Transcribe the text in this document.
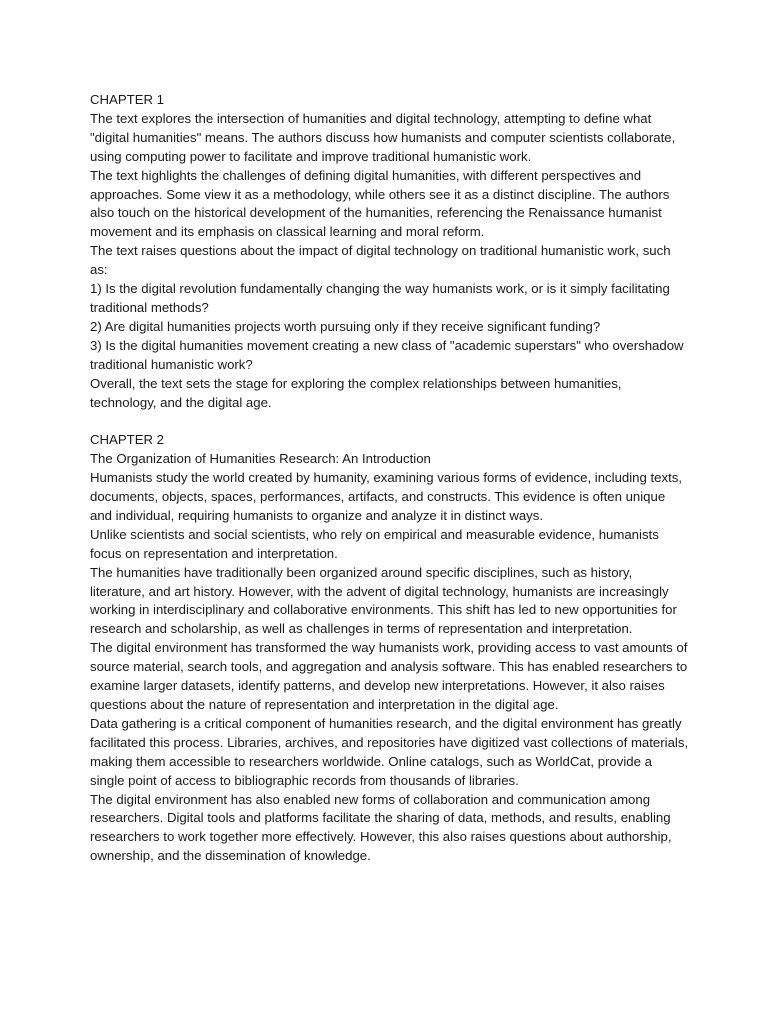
CHAPTER 1

The text explores the intersection of humanities and digital technology, attempting to define what "digital humanities" means. The authors discuss how humanists and computer scientists collaborate, using computing power to facilitate and improve traditional humanistic work.

The text highlights the challenges of defining digital humanities, with different perspectives and approaches. Some view it as a methodology, while others see it as a distinct discipline. The authors also touch on the historical development of the humanities, referencing the Renaissance humanist movement and its emphasis on classical learning and moral reform.

The text raises questions about the impact of digital technology on traditional humanistic work, such as:

1) Is the digital revolution fundamentally changing the way humanists work, or is it simply facilitating traditional methods?

2) Are digital humanities projects worth pursuing only if they receive significant funding?

3) Is the digital humanities movement creating a new class of "academic superstars" who overshadow traditional humanistic work?

Overall, the text sets the stage for exploring the complex relationships between humanities, technology, and the digital age.

CHAPTER 2

The Organization of Humanities Research: An Introduction

Humanists study the world created by humanity, examining various forms of evidence, including texts, documents, objects, spaces, performances, artifacts, and constructs. This evidence is often unique and individual, requiring humanists to organize and analyze it in distinct ways.

Unlike scientists and social scientists, who rely on empirical and measurable evidence, humanists focus on representation and interpretation.

The humanities have traditionally been organized around specific disciplines, such as history, literature, and art history. However, with the advent of digital technology, humanists are increasingly working in interdisciplinary and collaborative environments. This shift has led to new opportunities for research and scholarship, as well as challenges in terms of representation and interpretation.

The digital environment has transformed the way humanists work, providing access to vast amounts of source material, search tools, and aggregation and analysis software. This has enabled researchers to examine larger datasets, identify patterns, and develop new interpretations. However, it also raises questions about the nature of representation and interpretation in the digital age.

Data gathering is a critical component of humanities research, and the digital environment has greatly facilitated this process. Libraries, archives, and repositories have digitized vast collections of materials, making them accessible to researchers worldwide. Online catalogs, such as WorldCat, provide a single point of access to bibliographic records from thousands of libraries.

The digital environment has also enabled new forms of collaboration and communication among researchers. Digital tools and platforms facilitate the sharing of data, methods, and results, enabling researchers to work together more effectively. However, this also raises questions about authorship, ownership, and the dissemination of knowledge.
